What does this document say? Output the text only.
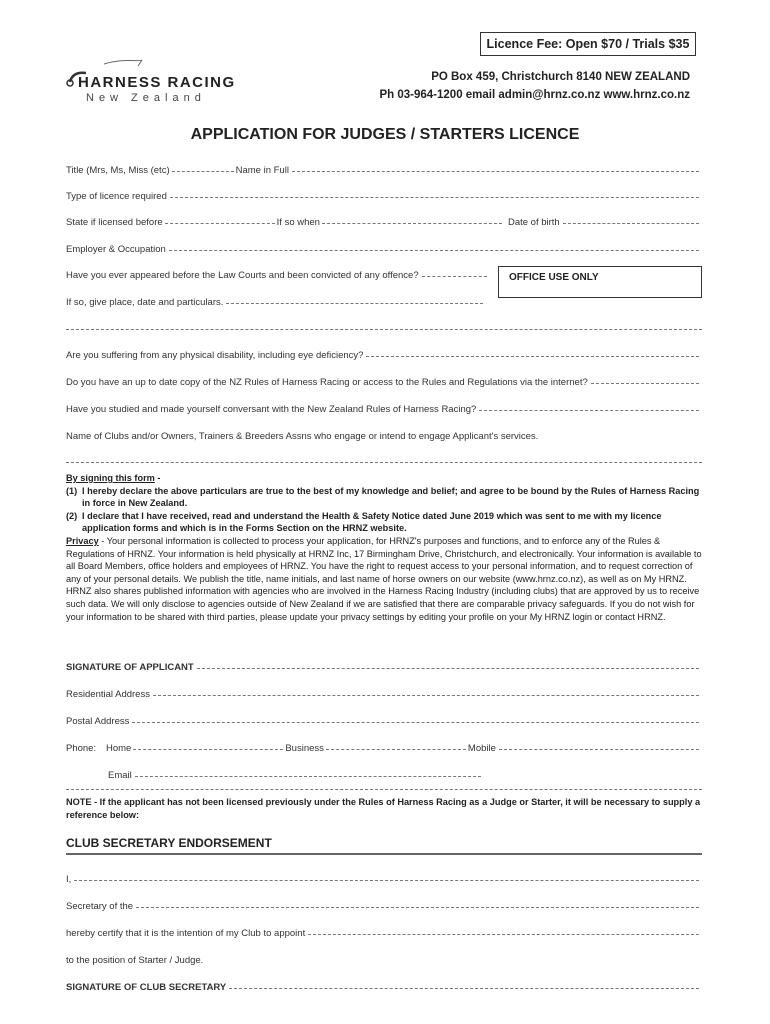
Licence Fee: Open $70 / Trials $35
HARNESS RACING
New Zealand
PO Box 459, Christchurch 8140 NEW ZEALAND
Ph 03-964-1200 email admin@hrnz.co.nz www.hrnz.co.nz
APPLICATION FOR JUDGES / STARTERS LICENCE
Title (Mrs, Ms, Miss (etc)	Name in Full
Type of licence required
State if licensed before	If so when	Date of birth
Employer & Occupation
Have you ever appeared before the Law Courts and been convicted of any offence?	OFFICE USE ONLY
If so, give place, date and particulars.
Are you suffering from any physical disability, including eye deficiency?
Do you have an up to date copy of the NZ Rules of Harness Racing or access to the Rules and Regulations via the internet?
Have you studied and made yourself conversant with the New Zealand Rules of Harness Racing?
Name of Clubs and/or Owners, Trainers & Breeders Assns who engage or intend to engage Applicant's services.
By signing this form -
(1) I hereby declare the above particulars are true to the best of my knowledge and belief; and agree to be bound by the Rules of Harness Racing in force in New Zealand.
(2) I declare that I have received, read and understand the Health & Safety Notice dated June 2019 which was sent to me with my licence application forms and which is in the Forms Section on the HRNZ website.
Privacy - Your personal information is collected to process your application, for HRNZ's purposes and functions, and to enforce any of the Rules & Regulations of HRNZ. Your information is held physically at HRNZ Inc, 17 Birmingham Drive, Christchurch, and electronically. Your information is available to all Board Members, office holders and employees of HRNZ. You have the right to request access to your personal information, and to request correction of any of your personal details. We publish the title, name initials, and last name of horse owners on our website (www.hrnz.co.nz), as well as on My HRNZ. HRNZ also shares published information with agencies who are involved in the Harness Racing Industry (including clubs) that are approved by us to receive such data. We will only disclose to agencies outside of New Zealand if we are satisfied that there are comparable privacy safeguards. If you do not wish for your information to be shared with third parties, please update your privacy settings by editing your profile on your My HRNZ login or contact HRNZ.
SIGNATURE OF APPLICANT
Residential Address
Postal Address
Phone:	Home	Business	Mobile
Email
NOTE - If the applicant has not been licensed previously under the Rules of Harness Racing as a Judge or Starter, it will be necessary to supply a reference below:
CLUB SECRETARY ENDORSEMENT
I,
Secretary of the
hereby certify that it is the intention of my Club to appoint
to the position of Starter / Judge.
SIGNATURE OF CLUB SECRETARY
